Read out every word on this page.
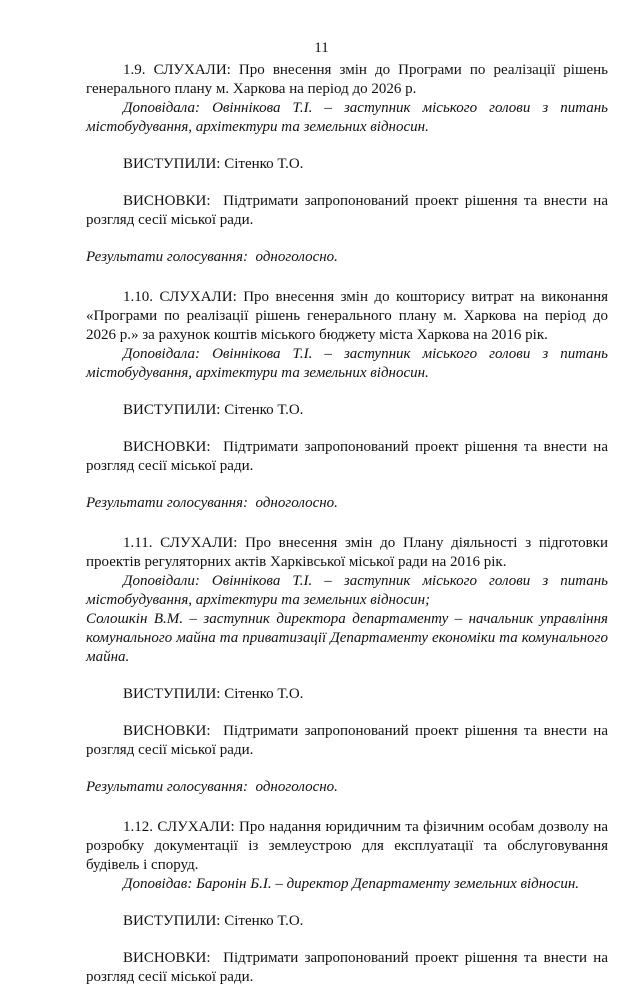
11

1.9. СЛУХАЛИ: Про внесення змін до Програми по реалізації рішень генерального плану м. Харкова на період до 2026 р.

Доповідала: Овіннікова Т.І. – заступник міського голови з питань містобудування, архітектури та земельних відносин.

ВИСТУПИЛИ: Сітенко Т.О.

ВИСНОВКИ: Підтримати запропонований проект рішення та внести на розгляд сесії міської ради.

Результати голосування: одноголосно.

1.10. СЛУХАЛИ: Про внесення змін до кошторису витрат на виконання «Програми по реалізації рішень генерального плану м. Харкова на період до 2026 р.» за рахунок коштів міського бюджету міста Харкова на 2016 рік.

Доповідала: Овіннікова Т.І. – заступник міського голови з питань містобудування, архітектури та земельних відносин.

ВИСТУПИЛИ: Сітенко Т.О.

ВИСНОВКИ: Підтримати запропонований проект рішення та внести на розгляд сесії міської ради.

Результати голосування: одноголосно.

1.11. СЛУХАЛИ: Про внесення змін до Плану діяльності з підготовки проектів регуляторних актів Харківської міської ради на 2016 рік.

Доповідали: Овіннікова Т.І. – заступник міського голови з питань містобудування, архітектури та земельних відносин;

Солошкін В.М. – заступник директора департаменту – начальник управління комунального майна та приватизації Департаменту економіки та комунального майна.

ВИСТУПИЛИ: Сітенко Т.О.

ВИСНОВКИ: Підтримати запропонований проект рішення та внести на розгляд сесії міської ради.

Результати голосування: одноголосно.

1.12. СЛУХАЛИ: Про надання юридичним та фізичним особам дозволу на розробку документації із землеустрою для експлуатації та обслуговування будівель і споруд.

Доповідав: Баронін Б.І. – директор Департаменту земельних відносин.

ВИСТУПИЛИ: Сітенко Т.О.

ВИСНОВКИ: Підтримати запропонований проект рішення та внести на розгляд сесії міської ради.
